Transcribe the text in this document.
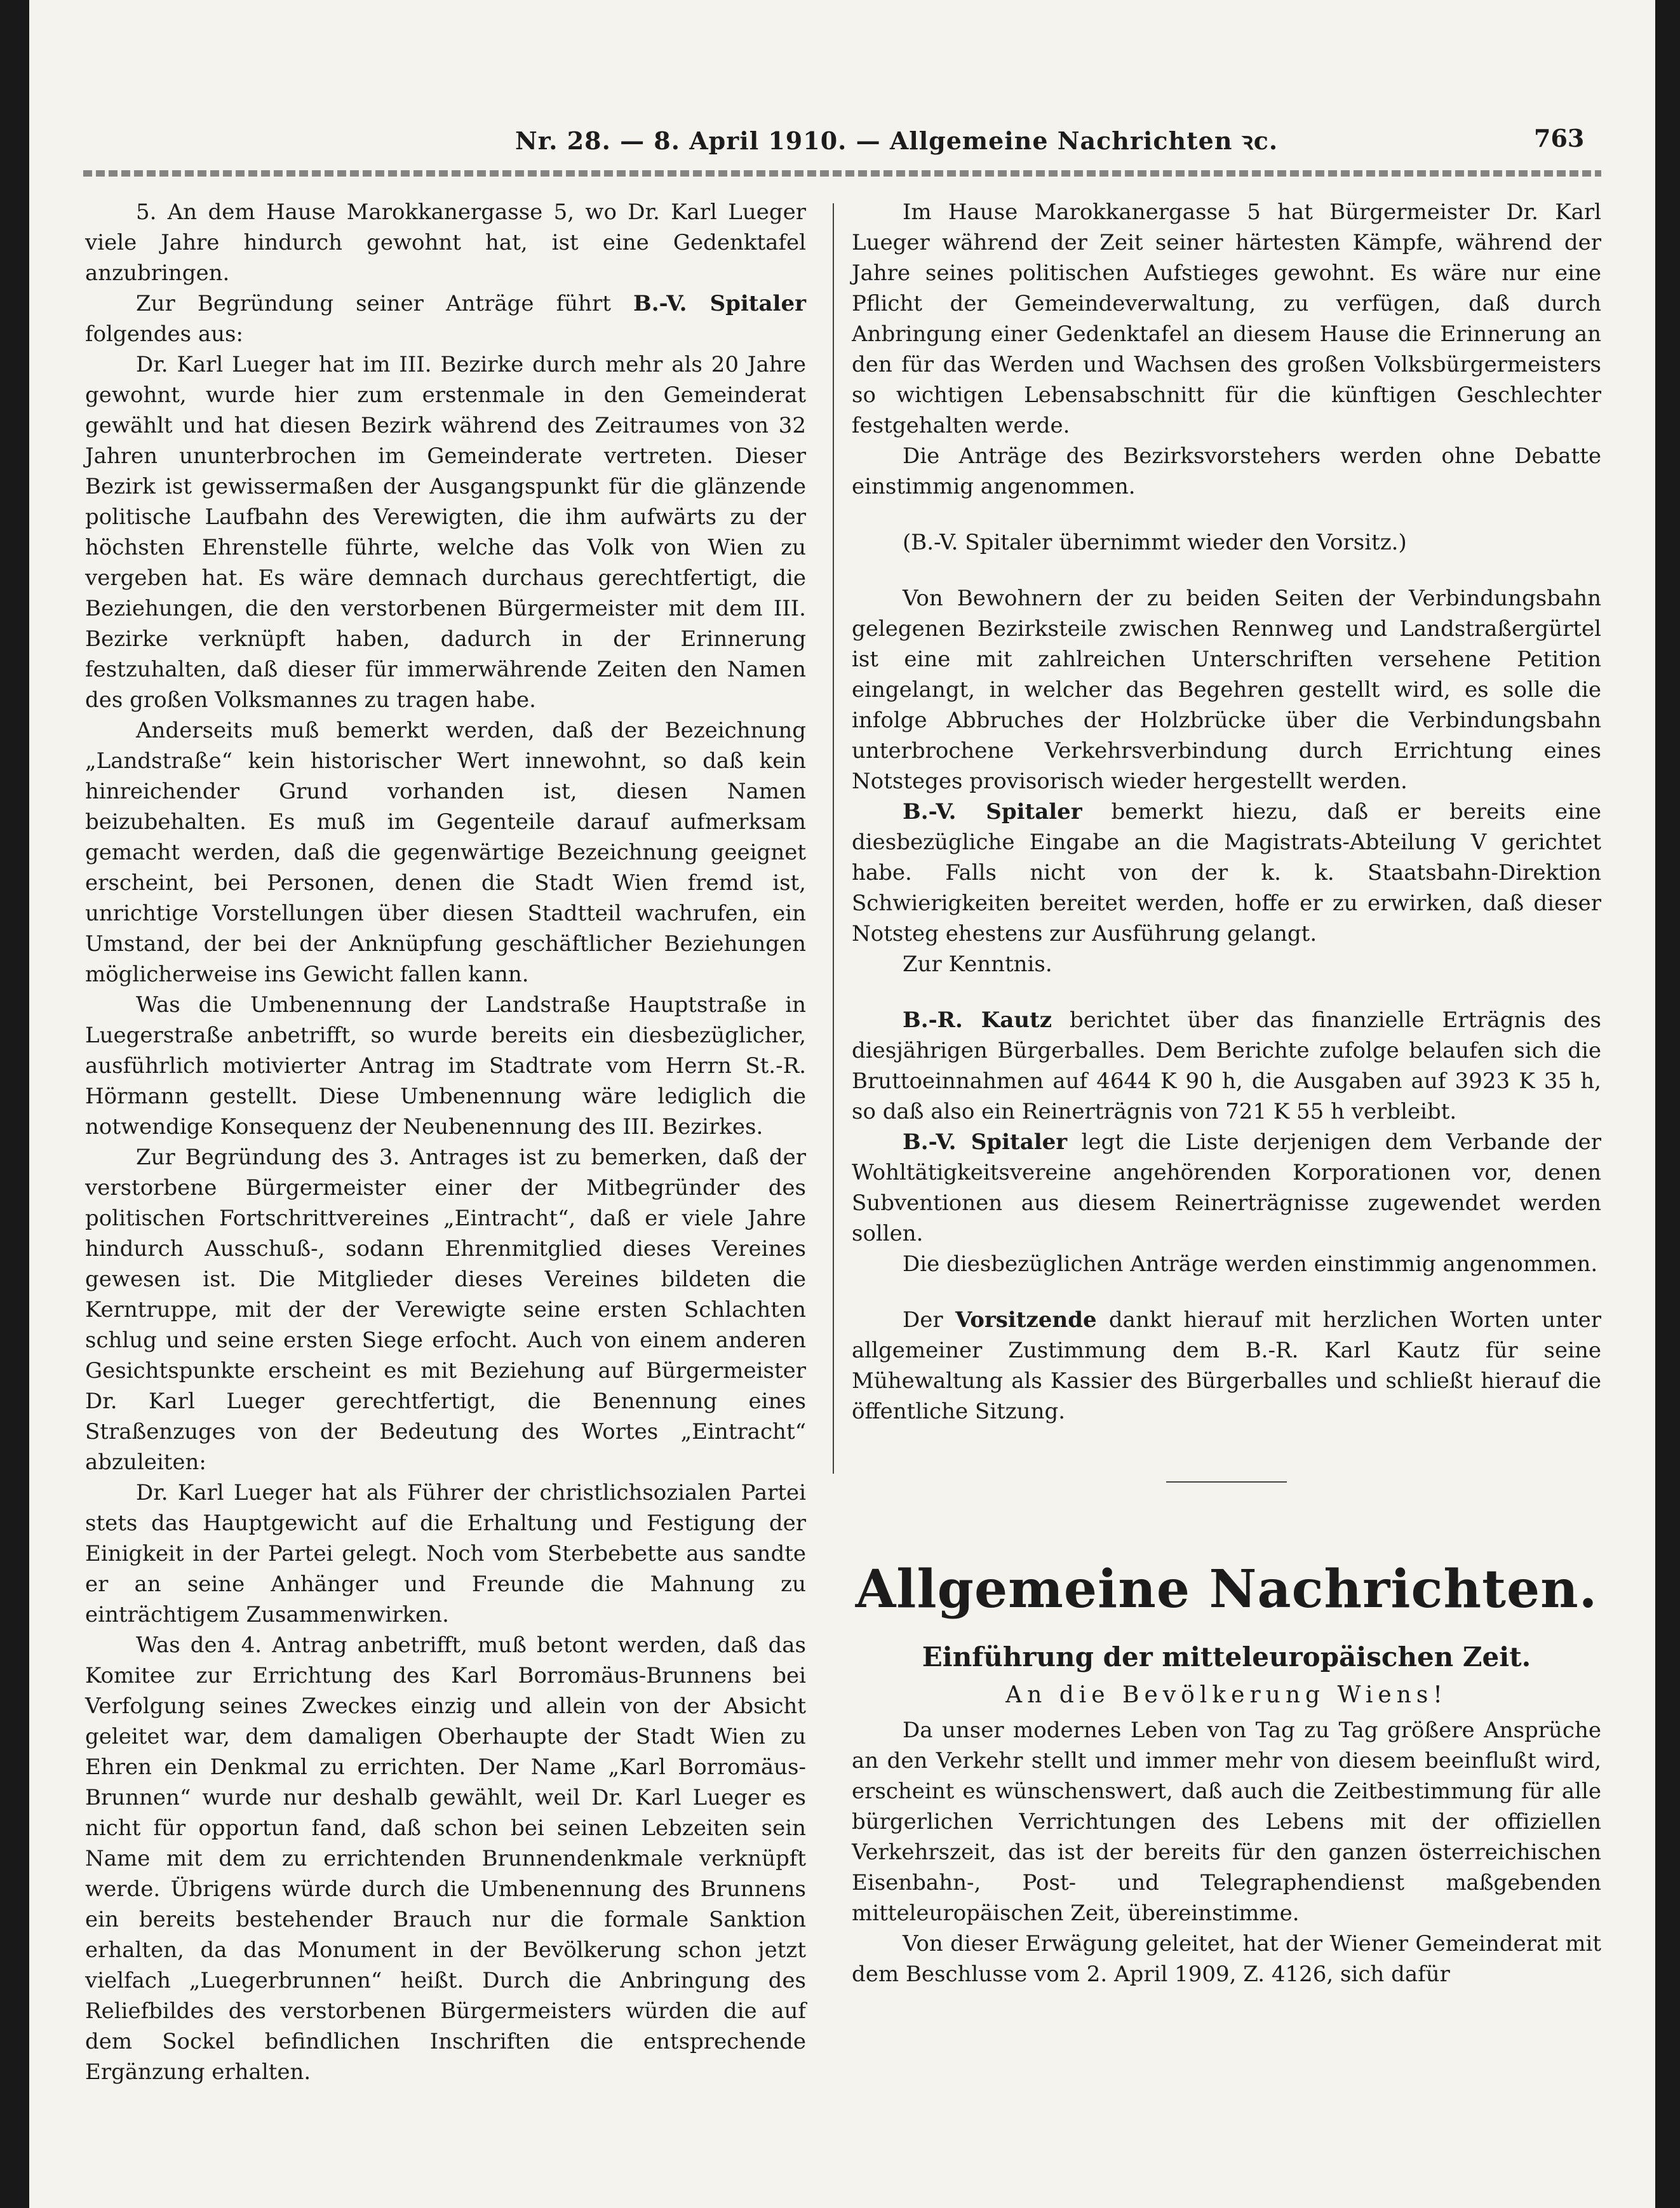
Nr. 28. — 8. April 1910. — Allgemeine Nachrichten ꝛc.	763

5. An dem Hause Marokkanergasse 5, wo Dr. Karl Lueger viele Jahre hindurch gewohnt hat, ist eine Gedenktafel anzubringen.

Zur Begründung seiner Anträge führt B.-V. Spitaler folgendes aus:

Dr. Karl Lueger hat im III. Bezirke durch mehr als 20 Jahre gewohnt, wurde hier zum erstenmale in den Gemeinderat gewählt und hat diesen Bezirk während des Zeitraumes von 32 Jahren ununterbrochen im Gemeinderate vertreten. Dieser Bezirk ist gewissermaßen der Ausgangspunkt für die glänzende politische Laufbahn des Verewigten, die ihm aufwärts zu der höchsten Ehrenstelle führte, welche das Volk von Wien zu vergeben hat. Es wäre demnach durchaus gerechtfertigt, die Beziehungen, die den verstorbenen Bürgermeister mit dem III. Bezirke verknüpft haben, dadurch in der Erinnerung festzuhalten, daß dieser für immerwährende Zeiten den Namen des großen Volksmannes zu tragen habe.

Anderseits muß bemerkt werden, daß der Bezeichnung „Landstraße“ kein historischer Wert innewohnt, so daß kein hinreichender Grund vorhanden ist, diesen Namen beizubehalten. Es muß im Gegenteile darauf aufmerksam gemacht werden, daß die gegenwärtige Bezeichnung geeignet erscheint, bei Personen, denen die Stadt Wien fremd ist, unrichtige Vorstellungen über diesen Stadtteil wachrufen, ein Umstand, der bei der Anknüpfung geschäftlicher Beziehungen möglicherweise ins Gewicht fallen kann.

Was die Umbenennung der Landstraße Hauptstraße in Luegerstraße anbetrifft, so wurde bereits ein diesbezüglicher, ausführlich motivierter Antrag im Stadtrate vom Herrn St.-R. Hörmann gestellt. Diese Umbenennung wäre lediglich die notwendige Konsequenz der Neubenennung des III. Bezirkes.

Zur Begründung des 3. Antrages ist zu bemerken, daß der verstorbene Bürgermeister einer der Mitbegründer des politischen Fortschrittvereines „Eintracht“, daß er viele Jahre hindurch Ausschuß-, sodann Ehrenmitglied dieses Vereines gewesen ist. Die Mitglieder dieses Vereines bildeten die Kerntruppe, mit der der Verewigte seine ersten Schlachten schlug und seine ersten Siege erfocht. Auch von einem anderen Gesichtspunkte erscheint es mit Beziehung auf Bürgermeister Dr. Karl Lueger gerechtfertigt, die Benennung eines Straßenzuges von der Bedeutung des Wortes „Eintracht“ abzuleiten:

Dr. Karl Lueger hat als Führer der christlichsozialen Partei stets das Hauptgewicht auf die Erhaltung und Festigung der Einigkeit in der Partei gelegt. Noch vom Sterbebette aus sandte er an seine Anhänger und Freunde die Mahnung zu einträchtigem Zusammenwirken.

Was den 4. Antrag anbetrifft, muß betont werden, daß das Komitee zur Errichtung des Karl Borromäus-Brunnens bei Verfolgung seines Zweckes einzig und allein von der Absicht geleitet war, dem damaligen Oberhaupte der Stadt Wien zu Ehren ein Denkmal zu errichten. Der Name „Karl Borromäus-Brunnen“ wurde nur deshalb gewählt, weil Dr. Karl Lueger es nicht für opportun fand, daß schon bei seinen Lebzeiten sein Name mit dem zu errichtenden Brunnendenkmale verknüpft werde. Übrigens würde durch die Umbenennung des Brunnens ein bereits bestehender Brauch nur die formale Sanktion erhalten, da das Monument in der Bevölkerung schon jetzt vielfach „Luegerbrunnen“ heißt. Durch die Anbringung des Reliefbildes des verstorbenen Bürgermeisters würden die auf dem Sockel befindlichen Inschriften die entsprechende Ergänzung erhalten.

Im Hause Marokkanergasse 5 hat Bürgermeister Dr. Karl Lueger während der Zeit seiner härtesten Kämpfe, während der Jahre seines politischen Aufstieges gewohnt. Es wäre nur eine Pflicht der Gemeindeverwaltung, zu verfügen, daß durch Anbringung einer Gedenktafel an diesem Hause die Erinnerung an den für das Werden und Wachsen des großen Volksbürgermeisters so wichtigen Lebensabschnitt für die künftigen Geschlechter festgehalten werde.

Die Anträge des Bezirksvorstehers werden ohne Debatte einstimmig angenommen.

(B.-V. Spitaler übernimmt wieder den Vorsitz.)

Von Bewohnern der zu beiden Seiten der Verbindungsbahn gelegenen Bezirksteile zwischen Rennweg und Landstraßergürtel ist eine mit zahlreichen Unterschriften versehene Petition eingelangt, in welcher das Begehren gestellt wird, es solle die infolge Abbruches der Holzbrücke über die Verbindungsbahn unterbrochene Verkehrsverbindung durch Errichtung eines Notsteges provisorisch wieder hergestellt werden.

B.-V. Spitaler bemerkt hiezu, daß er bereits eine diesbezügliche Eingabe an die Magistrats-Abteilung V gerichtet habe. Falls nicht von der k. k. Staatsbahn-Direktion Schwierigkeiten bereitet werden, hoffe er zu erwirken, daß dieser Notsteg ehestens zur Ausführung gelangt.

Zur Kenntnis.

B.-R. Kautz berichtet über das finanzielle Erträgnis des diesjährigen Bürgerballes. Dem Berichte zufolge belaufen sich die Bruttoeinnahmen auf 4644 K 90 h, die Ausgaben auf 3923 K 35 h, so daß also ein Reinerträgnis von 721 K 55 h verbleibt.

B.-V. Spitaler legt die Liste derjenigen dem Verbande der Wohltätigkeitsvereine angehörenden Korporationen vor, denen Subventionen aus diesem Reinerträgnisse zugewendet werden sollen.

Die diesbezüglichen Anträge werden einstimmig angenommen.

Der Vorsitzende dankt hierauf mit herzlichen Worten unter allgemeiner Zustimmung dem B.-R. Karl Kautz für seine Mühewaltung als Kassier des Bürgerballes und schließt hierauf die öffentliche Sitzung.

Allgemeine Nachrichten.
Einführung der mitteleuropäischen Zeit.
An die Bevölkerung Wiens!

Da unser modernes Leben von Tag zu Tag größere Ansprüche an den Verkehr stellt und immer mehr von diesem beeinflußt wird, erscheint es wünschenswert, daß auch die Zeitbestimmung für alle bürgerlichen Verrichtungen des Lebens mit der offiziellen Verkehrszeit, das ist der bereits für den ganzen österreichischen Eisenbahn-, Post- und Telegraphendienst maßgebenden mitteleuropäischen Zeit, übereinstimme.

Von dieser Erwägung geleitet, hat der Wiener Gemeinderat mit dem Beschlusse vom 2. April 1909, Z. 4126, sich dafür
